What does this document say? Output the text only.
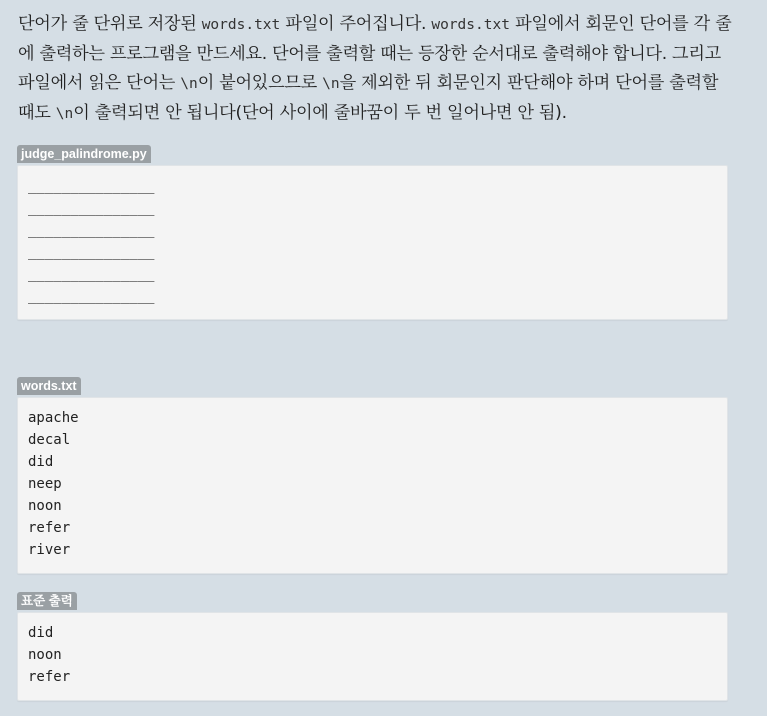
단어가 줄 단위로 저장된 words.txt 파일이 주어집니다. words.txt 파일에서 회문인 단어를 각 줄
에 출력하는 프로그램을 만드세요. 단어를 출력할 때는 등장한 순서대로 출력해야 합니다. 그리고
파일에서 읽은 단어는 \n이 붙어있으므로 \n을 제외한 뒤 회문인지 판단해야 하며 단어를 출력할
때도 \n이 출력되면 안 됩니다(단어 사이에 줄바꿈이 두 번 일어나면 안 됨).
judge_palindrome.py
_______________
_______________
_______________
_______________
_______________
_______________
words.txt
apache
decal
did
neep
noon
refer
river
표준 출력
did
noon
refer
